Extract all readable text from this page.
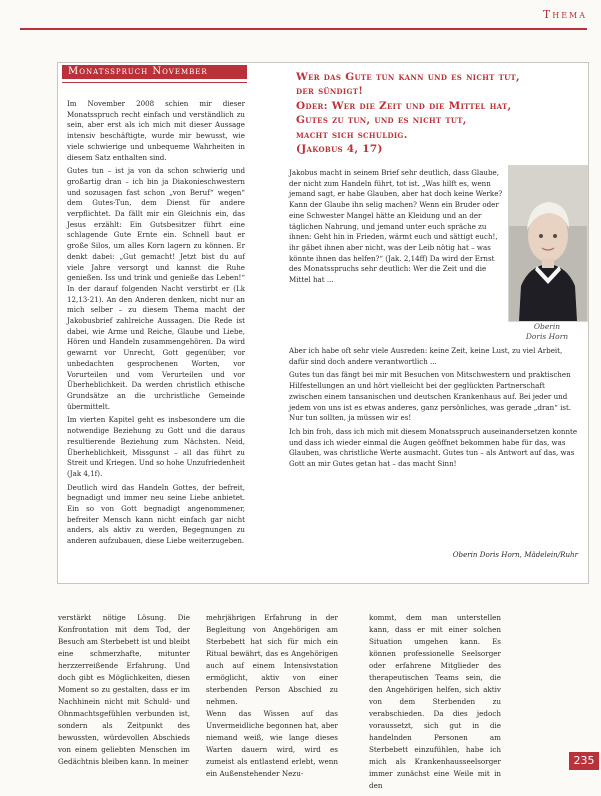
Thema
Monatsspruch November	Wer das Gute tun kann und es nicht tut,
der sündigt!
Oder: Wer die Zeit und die Mittel hat,
Gutes zu tun, und es nicht tut,
macht sich schuldig.
(Jakobus 4, 17)

Im November 2008 schien mir dieser Monatsspruch recht einfach und verständlich zu sein, aber erst als ich mich mit dieser Aussage intensiv beschäftigte, wurde mir bewusst, wie viele schwierige und unbequeme Wahrheiten in diesem Satz enthalten sind.

Gutes tun – ist ja von da schon schwierig und großartig dran – ich bin ja Diakonieschwestern und sozusagen fast schon „von Beruf“ wegen“ dem Gutes-Tun, dem Dienst für andere verpflichtet. Da fällt mir ein Gleichnis ein, das Jesus erzählt: Ein Gutsbesitzer führt eine schlagende Gute Ernte ein. Schnell baut er große Silos, um alles Korn lagern zu können. Er denkt dabei: „Gut gemacht! Jetzt bist du auf viele Jahre versorgt und kannst die Ruhe genießen. Iss und trink und genieße das Leben!“ In der darauf folgenden Nacht verstirbt er (Lk 12,13-21). An den Anderen denken, nicht nur an mich selber – zu diesem Thema macht der Jakobusbrief zahlreiche Aussagen. Die Rede ist dabei, wie Arme und Reiche, Glaube und Liebe, Hören und Handeln zusammengehören. Da wird gewarnt vor Unrecht, Gott gegenüber, vor unbedachten gesprochenen Worten, vor Vorurteilen und vom Verurteilen und vor Überheblichkeit. Da werden christlich ethische Grundsätze an die urchristliche Gemeinde übermittelt.

Im vierten Kapitel geht es insbesondere um die notwendige Beziehung zu Gott und die daraus resultierende Beziehung zum Nächsten. Neid, Überheblichkeit, Missgunst – all das führt zu Streit und Kriegen. Und so hohe Unzufriedenheit (Jak 4,1f).

Deutlich wird das Handeln Gottes, der befreit, begnadigt und immer neu seine Liebe anbietet. Ein so von Gott begnadigt angenommener, befreiter Mensch kann nicht einfach gar nicht anders, als aktiv zu werden, Begegnungen zu anderen aufzubauen, diese Liebe weiterzugeben.

Jakobus macht in seinem Brief sehr deutlich, dass Glaube, der nicht zum Handeln führt, tot ist. „Was hilft es, wenn jemand sagt, er habe Glauben, aber hat doch keine Werke? Kann der Glaube ihn selig machen? Wenn ein Bruder oder eine Schwester Mangel hätte an Kleidung und an der täglichen Nahrung, und jemand unter euch spräche zu ihnen: Geht hin in Frieden, wärmt euch und sättigt euch!, ihr gäbet ihnen aber nicht, was der Leib nötig hat – was könnte ihnen das helfen?“ (Jak. 2,14ff) Da wird der Ernst des Monatsspruchs sehr deutlich: Wer die Zeit und die Mittel hat ...

Oberin
Doris Horn

Aber ich habe oft sehr viele Ausreden: keine Zeit, keine Lust, zu viel Arbeit, dafür sind doch andere verantwortlich ...

Gutes tun das fängt bei mir mit Besuchen von Mitschwestern und praktischen Hilfestellungen an und hört vielleicht bei der geglückten Partnerschaft zwischen einem tansanischen und deutschen Krankenhaus auf. Bei jeder und jedem von uns ist es etwas anderes, ganz persönliches, was gerade „dran“ ist. Nur tun sollten, ja müssen wir es!

Ich bin froh, dass ich mich mit diesem Monatsspruch auseinandersetzen konnte und dass ich wieder einmal die Augen geöffnet bekommen habe für das, was Glauben, was christliche Werte ausmacht. Gutes tun – als Antwort auf das, was Gott an mir Gutes getan hat – das macht Sinn!

Oberin Doris Horn, Mädelein/Ruhr

verstärkt nötige Lösung. Die Konfrontation mit dem Tod, der Besuch am Sterbebett ist und bleibt eine schmerzhafte, mitunter herzzerreißende Erfahrung. Und doch gibt es Möglichkeiten, diesen Moment so zu gestalten, dass er im Nachhinein nicht mit Schuld- und Ohnmachtsgefühlen verbunden ist, sondern als Zeitpunkt des bewussten, würdevollen Abschieds von einem geliebten Menschen im Gedächtnis bleiben kann. In meiner

mehrjährigen Erfahrung in der Begleitung von Angehörigen am Sterbebett hat sich für mich ein Ritual bewährt, das es Angehörigen auch auf einem Intensivstation ermöglicht, aktiv von einer sterbenden Person Abschied zu nehmen.

Wenn das Wissen auf das Unvermeidliche begonnen hat, aber niemand weiß, wie lange dieses Warten dauern wird, wird es zumeist als entlastend erlebt, wenn ein Außenstehender Nezu-

kommt, dem man unterstellen kann, dass er mit einer solchen Situation umgehen kann. Es können professionelle Seelsorger oder erfahrene Mitglieder des therapeutischen Teams sein, die den Angehörigen helfen, sich aktiv von dem Sterbenden zu verabschieden. Da dies jedoch voraussetzt, sich gut in die handelnden Personen am Sterbebett einzufühlen, habe ich mich als Krankenhausseelsorger immer zunächst eine Weile mit in den

235
